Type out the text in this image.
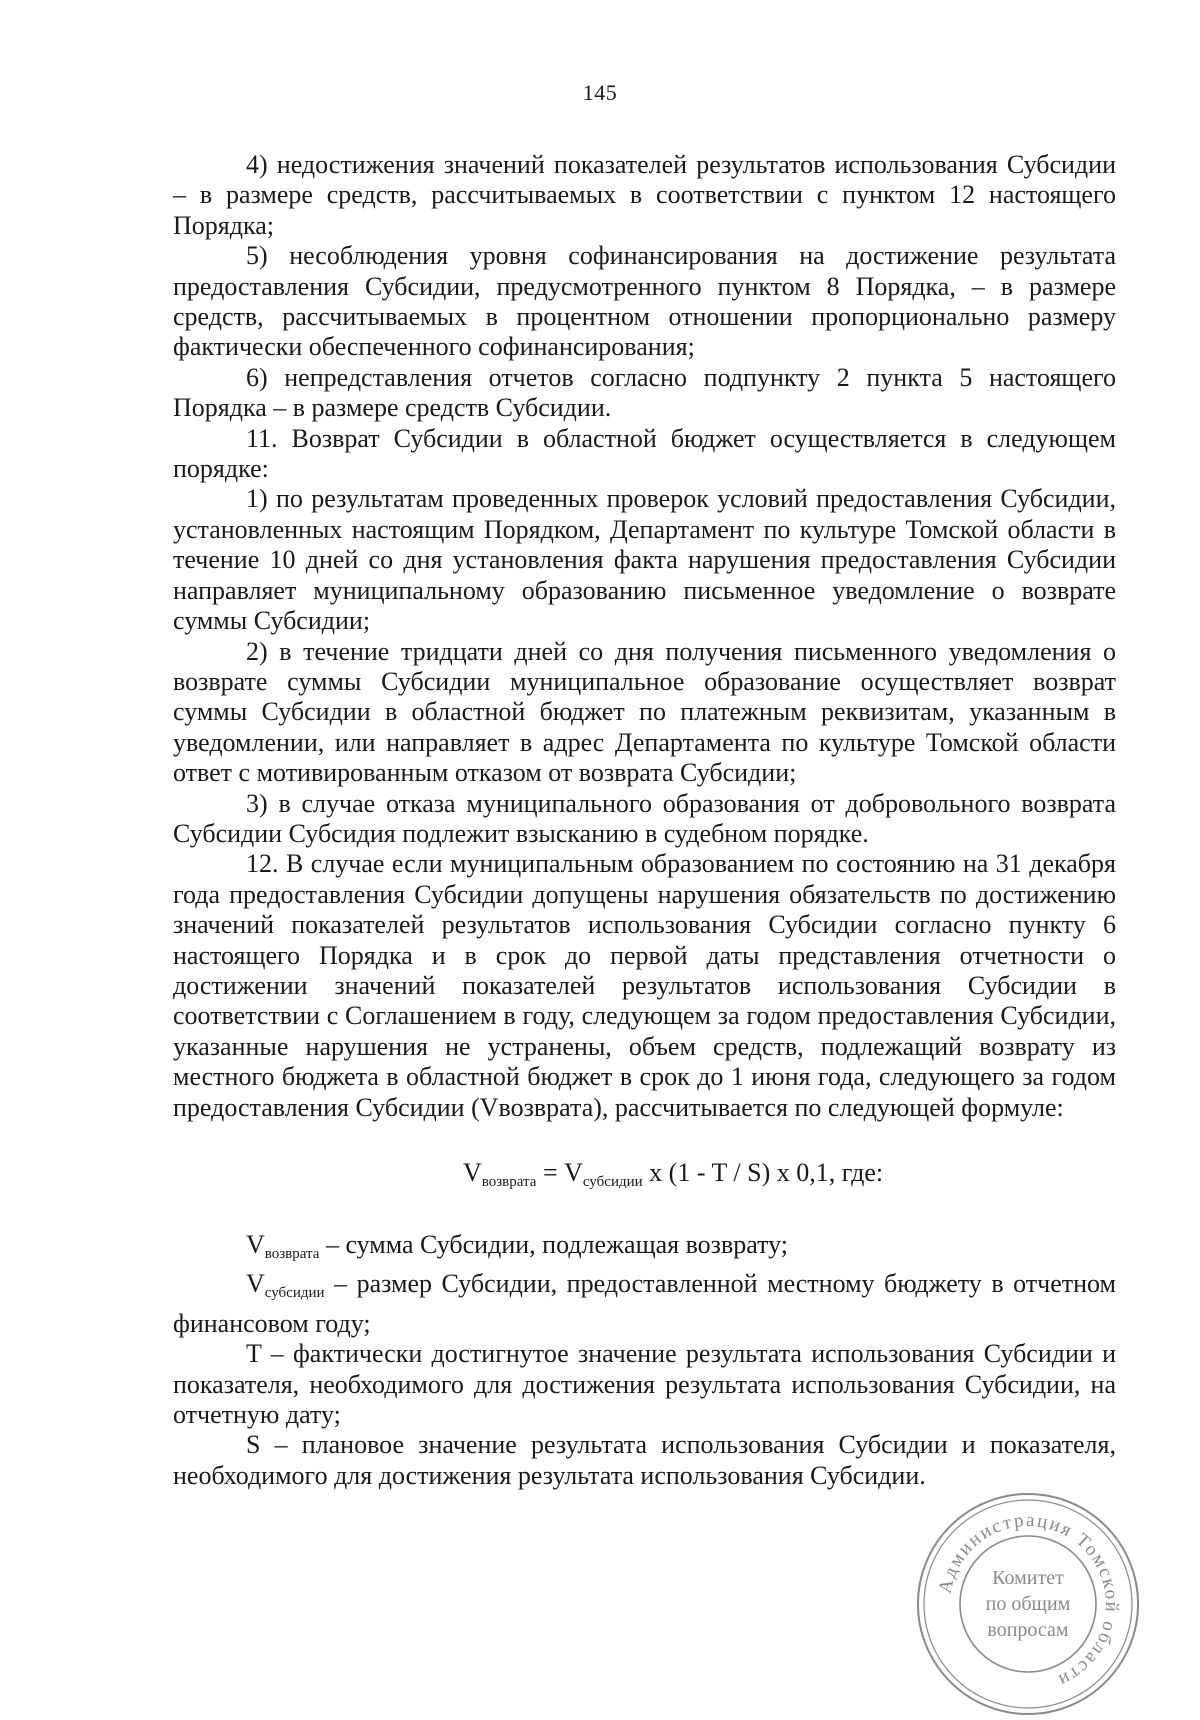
145

4) недостижения значений показателей результатов использования Субсидии – в размере средств, рассчитываемых в соответствии с пунктом 12 настоящего Порядка;

5) несоблюдения уровня софинансирования на достижение результата предоставления Субсидии, предусмотренного пунктом 8 Порядка, – в размере средств, рассчитываемых в процентном отношении пропорционально размеру фактически обеспеченного софинансирования;

6) непредставления отчетов согласно подпункту 2 пункта 5 настоящего Порядка – в размере средств Субсидии.

11. Возврат Субсидии в областной бюджет осуществляется в следующем порядке:

1) по результатам проведенных проверок условий предоставления Субсидии, установленных настоящим Порядком, Департамент по культуре Томской области в течение 10 дней со дня установления факта нарушения предоставления Субсидии направляет муниципальному образованию письменное уведомление о возврате суммы Субсидии;

2) в течение тридцати дней со дня получения письменного уведомления о возврате суммы Субсидии муниципальное образование осуществляет возврат суммы Субсидии в областной бюджет по платежным реквизитам, указанным в уведомлении, или направляет в адрес Департамента по культуре Томской области ответ с мотивированным отказом от возврата Субсидии;

3) в случае отказа муниципального образования от добровольного возврата Субсидии Субсидия подлежит взысканию в судебном порядке.

12. В случае если муниципальным образованием по состоянию на 31 декабря года предоставления Субсидии допущены нарушения обязательств по достижению значений показателей результатов использования Субсидии согласно пункту 6 настоящего Порядка и в срок до первой даты представления отчетности о достижении значений показателей результатов использования Субсидии в соответствии с Соглашением в году, следующем за годом предоставления Субсидии, указанные нарушения не устранены, объем средств, подлежащий возврату из местного бюджета в областной бюджет в срок до 1 июня года, следующего за годом предоставления Субсидии (Vвозврата), рассчитывается по следующей формуле:

$V_{возврата} = V_{субсидии}$ x (1 - T / S) x 0,1, где:

$V_{возврата}$ – сумма Субсидии, подлежащая возврату;

$V_{субсидии}$ – размер Субсидии, предоставленной местному бюджету в отчетном финансовом году;

T – фактически достигнутое значение результата использования Субсидии и показателя, необходимого для достижения результата использования Субсидии, на отчетную дату;

S – плановое значение результата использования Субсидии и показателя, необходимого для достижения результата использования Субсидии.

Администрация Томской области
Комитет
по общим
вопросам
